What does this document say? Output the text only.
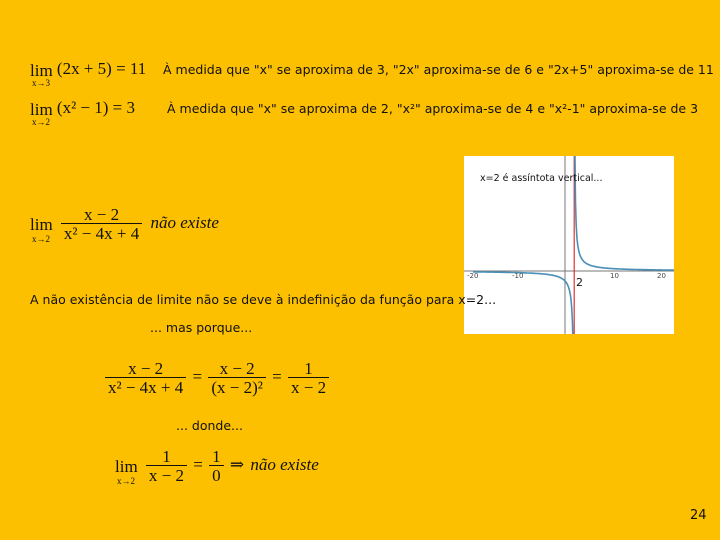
lim
x→3
(2x + 5) = 11 À medida que "x" se aproxima de 3, "2x" aproxima-se de 6 e "2x+5" aproxima-se de 11
lim
x→2
(x² − 1) = 3	À medida que "x" se aproxima de 2, "x²" aproxima-se de 4 e "x²-1" aproxima-se de 3
lim
x→2
$\frac{x - 2}{\text{x² − 4x + 4}}$ não existe
-20	-10	10	20
x=2 é assíntota vertical...
2
A não existência de limite não se deve à indefinição da função para x=2...
... mas porque...
$\frac{x - 2}{\text{x² − 4x + 4}} = \frac{x - 2}{\text{(x − 2)²}} = \frac{1}{x - 2}$
... donde...
lim
x→2
$\frac{1}{x - 2} = \frac{1}{0}$ ⇒ não existe
24
